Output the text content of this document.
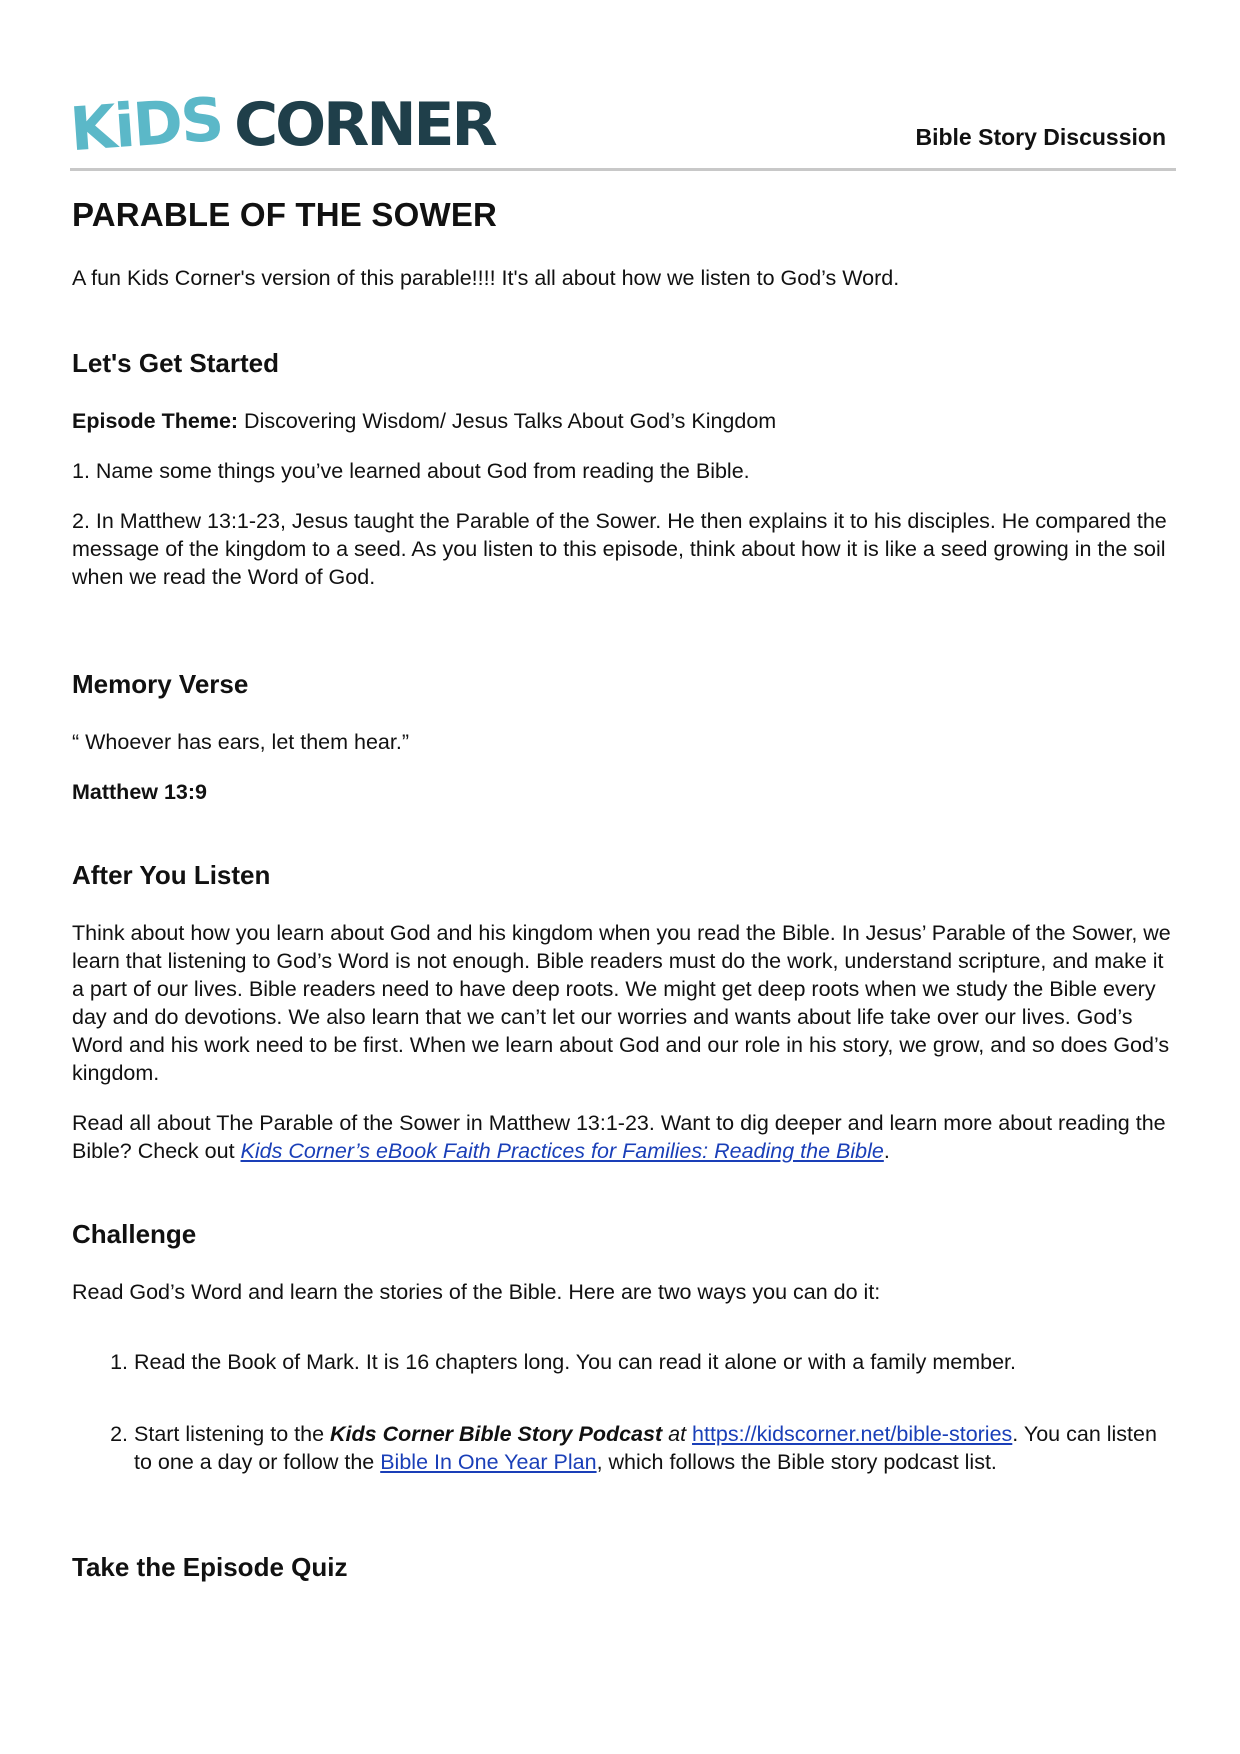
KiDS CORNER	Bible Story Discussion
PARABLE OF THE SOWER

A fun Kids Corner's version of this parable!!!! It's all about how we listen to God’s Word.

Let's Get Started

Episode Theme: Discovering Wisdom/ Jesus Talks About God’s Kingdom

1. Name some things you’ve learned about God from reading the Bible.

2. In Matthew 13:1-23, Jesus taught the Parable of the Sower. He then explains it to his disciples. He compared the message of the kingdom to a seed. As you listen to this episode, think about how it is like a seed growing in the soil when we read the Word of God.

Memory Verse

“ Whoever has ears, let them hear.”

Matthew 13:9

After You Listen

Think about how you learn about God and his kingdom when you read the Bible. In Jesus’ Parable of the Sower, we learn that listening to God’s Word is not enough. Bible readers must do the work, understand scripture, and make it a part of our lives. Bible readers need to have deep roots. We might get deep roots when we study the Bible every day and do devotions. We also learn that we can’t let our worries and wants about life take over our lives. God’s Word and his work need to be first. When we learn about God and our role in his story, we grow, and so does God’s kingdom.

Read all about The Parable of the Sower in Matthew 13:1-23. Want to dig deeper and learn more about reading the Bible? Check out Kids Corner’s eBook Faith Practices for Families: Reading the Bible.

Challenge

Read God’s Word and learn the stories of the Bible. Here are two ways you can do it:

1. Read the Book of Mark. It is 16 chapters long. You can read it alone or with a family member.
2. Start listening to the Kids Corner Bible Story Podcast at https://kidscorner.net/bible-stories. You can listen to one a day or follow the Bible In One Year Plan, which follows the Bible story podcast list.
Take the Episode Quiz
